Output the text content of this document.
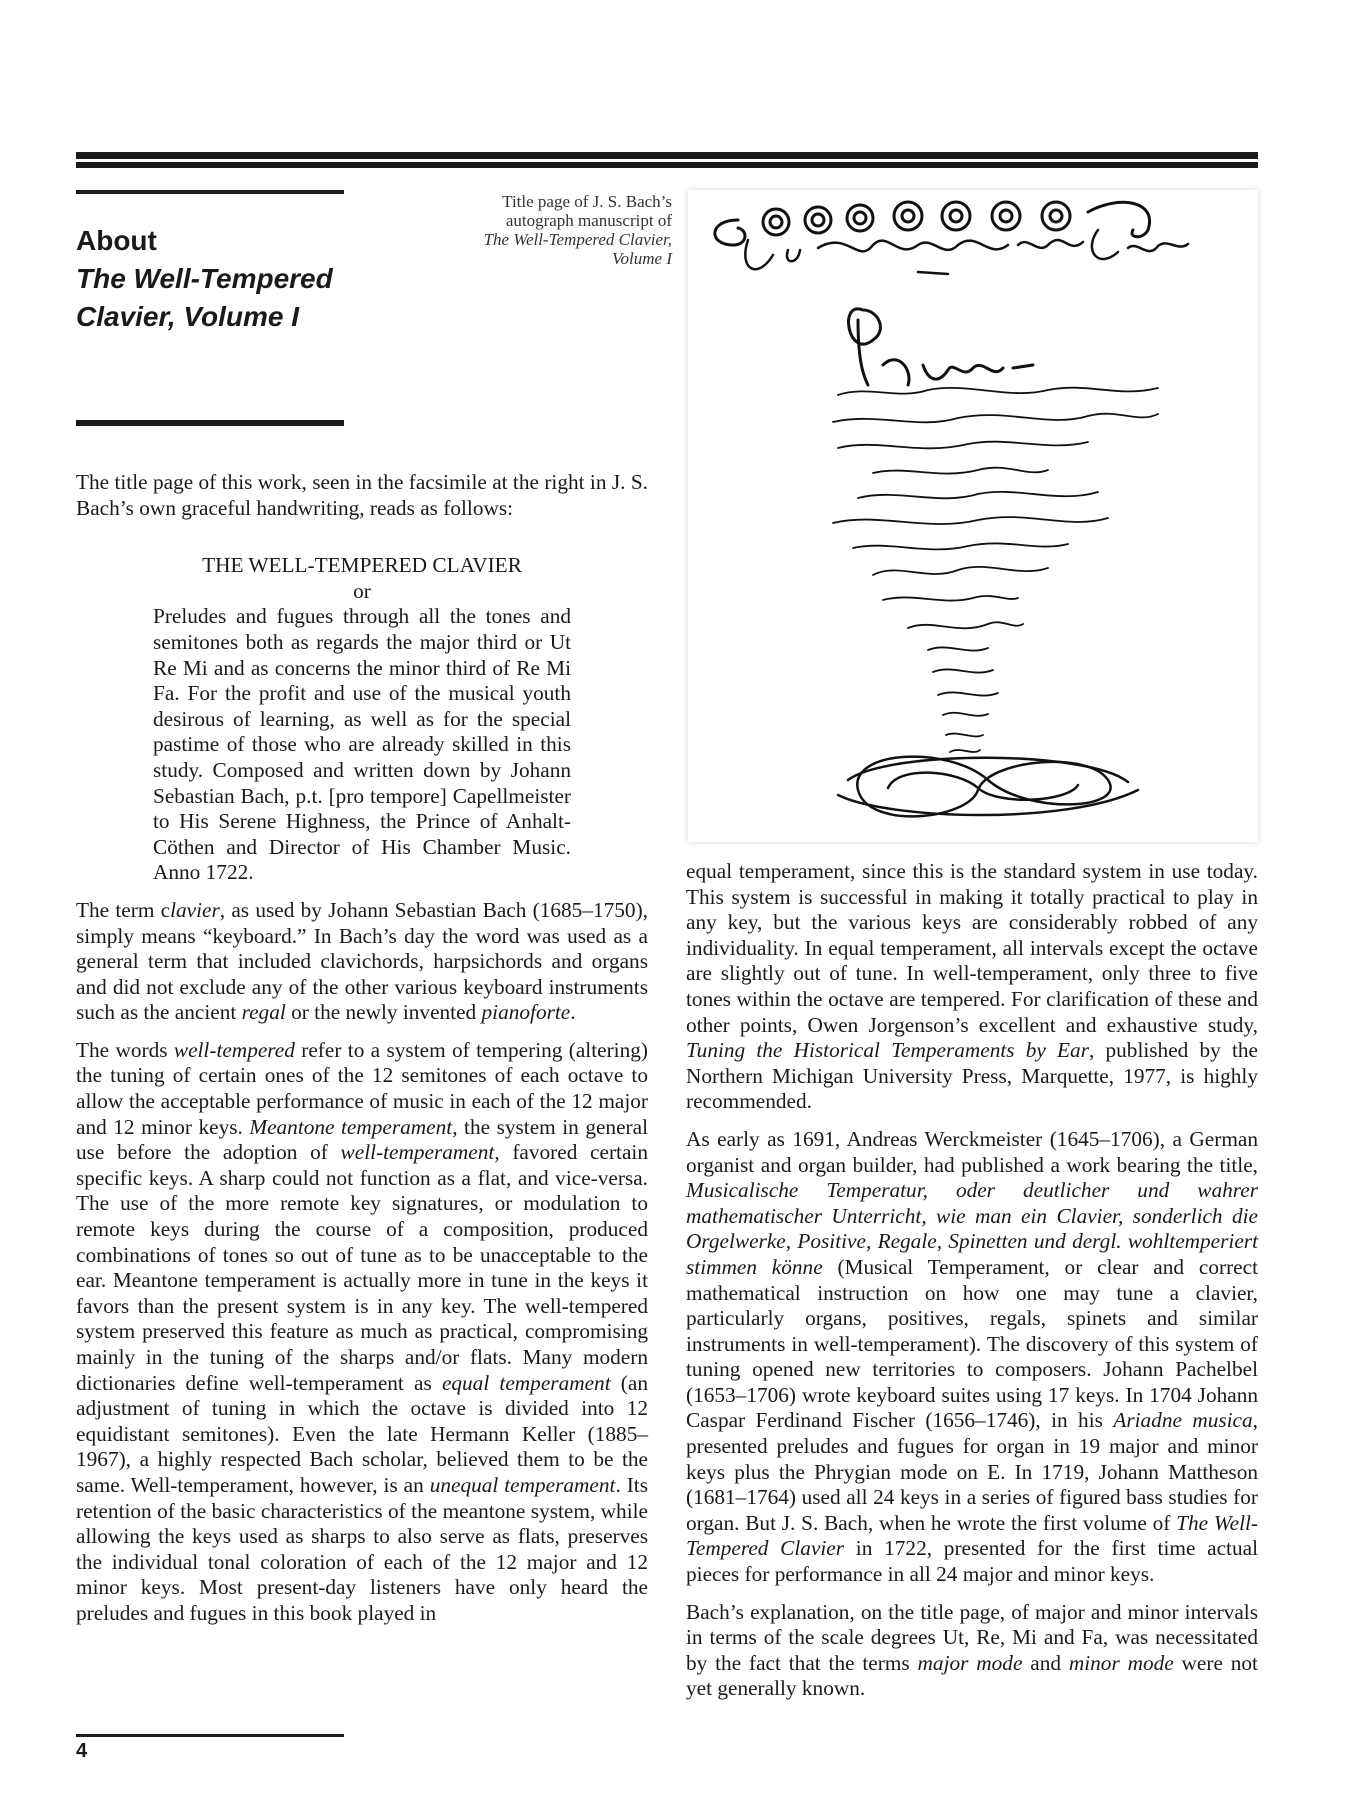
About
The Well-Tempered
Clavier, Volume I
Title page of J. S. Bach’s
autograph manuscript of
The Well-Tempered Clavier,
Volume I

The title page of this work, seen in the facsimile at the right in J. S. Bach’s own graceful handwriting, reads as follows:

THE WELL-TEMPERED CLAVIER

or

Preludes and fugues through all the tones and semitones both as regards the major third or Ut Re Mi and as concerns the minor third of Re Mi Fa. For the profit and use of the musical youth desirous of learning, as well as for the special pastime of those who are already skilled in this study. Composed and written down by Johann Sebastian Bach, p.t. [pro tempore] Capellmeister to His Serene Highness, the Prince of Anhalt-Cöthen and Director of His Chamber Music. Anno 1722.

The term clavier, as used by Johann Sebastian Bach (1685–1750), simply means “keyboard.” In Bach’s day the word was used as a general term that included clavichords, harpsichords and organs and did not exclude any of the other various keyboard instruments such as the ancient regal or the newly invented pianoforte.

The words well-tempered refer to a system of tempering (altering) the tuning of certain ones of the 12 semitones of each octave to allow the acceptable performance of music in each of the 12 major and 12 minor keys. Meantone temperament, the system in general use before the adoption of well-temperament, favored certain specific keys. A sharp could not function as a flat, and vice-versa. The use of the more remote key signatures, or modulation to remote keys during the course of a composition, produced combinations of tones so out of tune as to be unacceptable to the ear. Meantone temperament is actually more in tune in the keys it favors than the present system is in any key. The well-tempered system preserved this feature as much as practical, compromising mainly in the tuning of the sharps and/or flats. Many modern dictionaries define well-temperament as equal temperament (an adjustment of tuning in which the octave is divided into 12 equidistant semitones). Even the late Hermann Keller (1885–1967), a highly respected Bach scholar, believed them to be the same. Well-temperament, however, is an unequal temperament. Its retention of the basic characteristics of the meantone system, while allowing the keys used as sharps to also serve as flats, preserves the individual tonal coloration of each of the 12 major and 12 minor keys. Most present-day listeners have only heard the preludes and fugues in this book played in

equal temperament, since this is the standard system in use today. This system is successful in making it totally practical to play in any key, but the various keys are considerably robbed of any individuality. In equal temperament, all intervals except the octave are slightly out of tune. In well-temperament, only three to five tones within the octave are tempered. For clarification of these and other points, Owen Jorgenson’s excellent and exhaustive study, Tuning the Historical Temperaments by Ear, published by the Northern Michigan University Press, Marquette, 1977, is highly recommended.

As early as 1691, Andreas Werckmeister (1645–1706), a German organist and organ builder, had published a work bearing the title, Musicalische Temperatur, oder deutlicher und wahrer mathematischer Unterricht, wie man ein Clavier, sonderlich die Orgelwerke, Positive, Regale, Spinetten und dergl. wohltemperiert stimmen könne (Musical Temperament, or clear and correct mathematical instruction on how one may tune a clavier, particularly organs, positives, regals, spinets and similar instruments in well-temperament). The discovery of this system of tuning opened new territories to composers. Johann Pachelbel (1653–1706) wrote keyboard suites using 17 keys. In 1704 Johann Caspar Ferdinand Fischer (1656–1746), in his Ariadne musica, presented preludes and fugues for organ in 19 major and minor keys plus the Phrygian mode on E. In 1719, Johann Mattheson (1681–1764) used all 24 keys in a series of figured bass studies for organ. But J. S. Bach, when he wrote the first volume of The Well-Tempered Clavier in 1722, presented for the first time actual pieces for performance in all 24 major and minor keys.

Bach’s explanation, on the title page, of major and minor intervals in terms of the scale degrees Ut, Re, Mi and Fa, was necessitated by the fact that the terms major mode and minor mode were not yet generally known.

4
